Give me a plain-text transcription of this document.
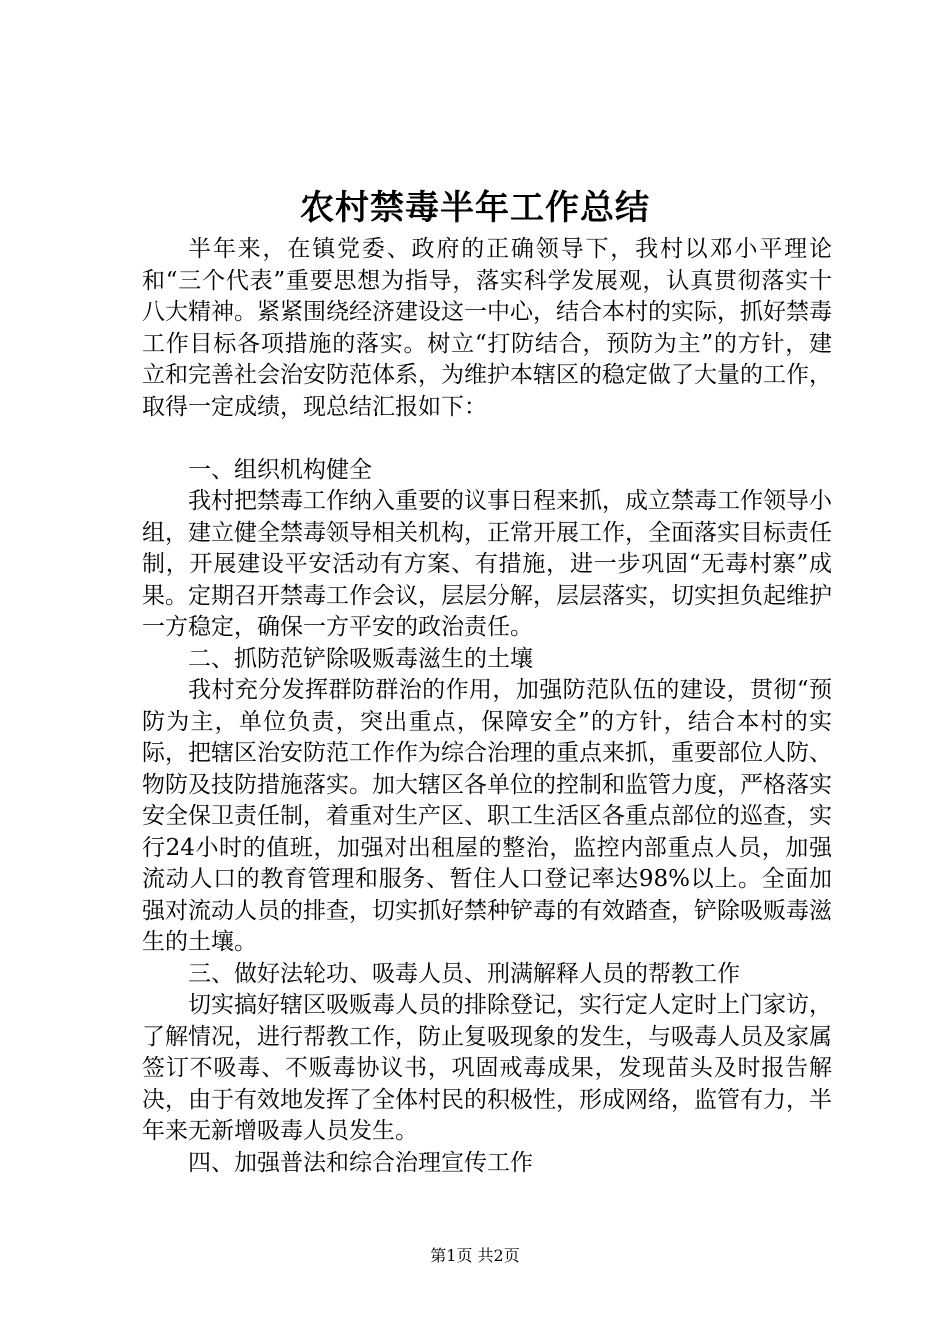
农村禁毒半年工作总结

半年来，在镇党委、政府的正确领导下，我村以邓小平理论和“三个代表”重要思想为指导，落实科学发展观，认真贯彻落实十八大精神。紧紧围绕经济建设这一中心，结合本村的实际，抓好禁毒工作目标各项措施的落实。树立“打防结合，预防为主”的方针，建立和完善社会治安防范体系，为维护本辖区的稳定做了大量的工作，取得一定成绩，现总结汇报如下：

一、组织机构健全

我村把禁毒工作纳入重要的议事日程来抓，成立禁毒工作领导小组，建立健全禁毒领导相关机构，正常开展工作，全面落实目标责任制，开展建设平安活动有方案、有措施，进一步巩固“无毒村寨”成果。定期召开禁毒工作会议，层层分解，层层落实，切实担负起维护一方稳定，确保一方平安的政治责任。

二、抓防范铲除吸贩毒滋生的土壤

我村充分发挥群防群治的作用，加强防范队伍的建设，贯彻“预防为主，单位负责，突出重点，保障安全”的方针，结合本村的实际，把辖区治安防范工作作为综合治理的重点来抓，重要部位人防、物防及技防措施落实。加大辖区各单位的控制和监管力度，严格落实安全保卫责任制，着重对生产区、职工生活区各重点部位的巡查，实行24小时的值班，加强对出租屋的整治，监控内部重点人员，加强流动人口的教育管理和服务、暂住人口登记率达98%以上。全面加强对流动人员的排查，切实抓好禁种铲毒的有效踏查，铲除吸贩毒滋生的土壤。

三、做好法轮功、吸毒人员、刑满解释人员的帮教工作

切实搞好辖区吸贩毒人员的排除登记，实行定人定时上门家访，了解情况，进行帮教工作，防止复吸现象的发生，与吸毒人员及家属签订不吸毒、不贩毒协议书，巩固戒毒成果，发现苗头及时报告解决，由于有效地发挥了全体村民的积极性，形成网络，监管有力，半年来无新增吸毒人员发生。

四、加强普法和综合治理宣传工作

第1页 共2页
